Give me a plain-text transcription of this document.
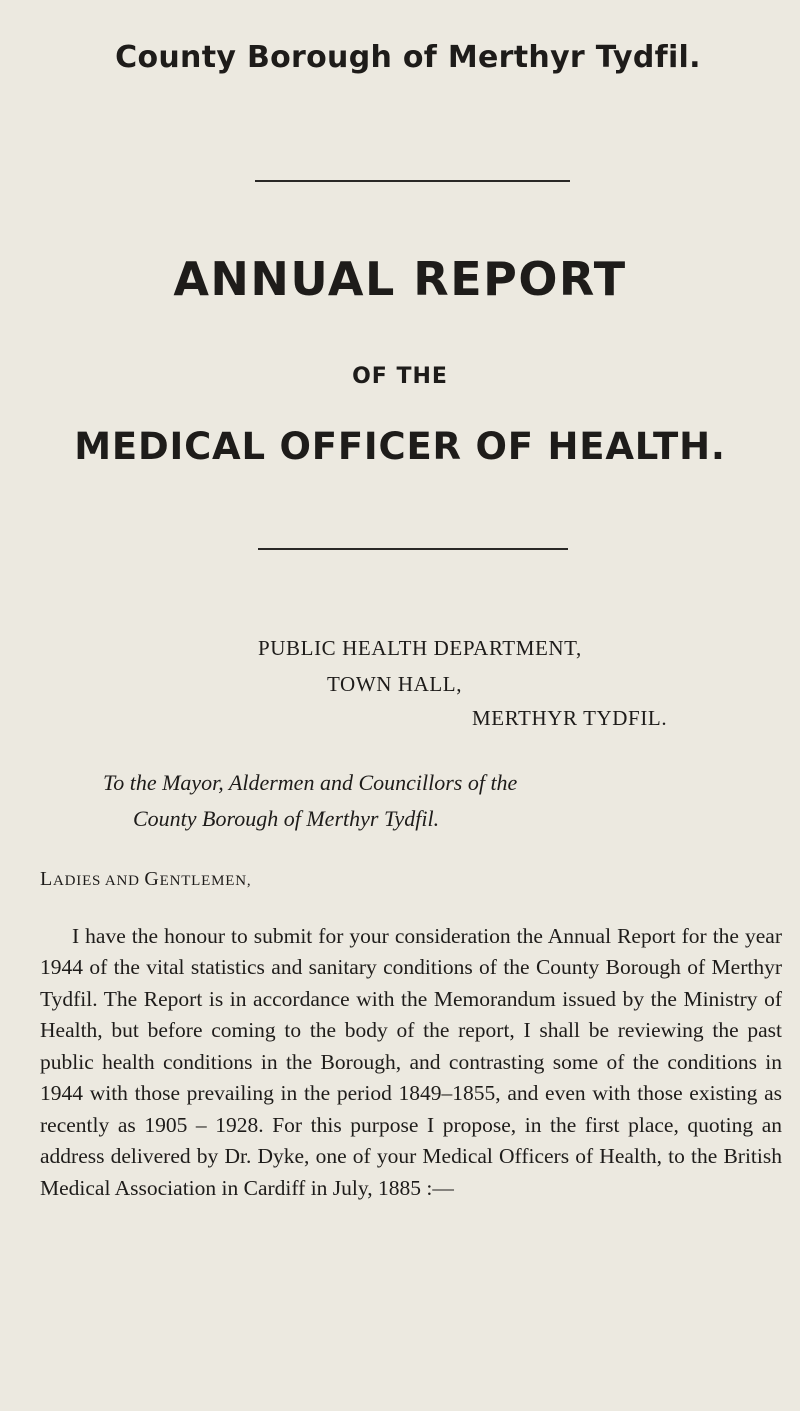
County Borough of Merthyr Tydfil.
ANNUAL REPORT
OF THE
MEDICAL OFFICER OF HEALTH.
PUBLIC HEALTH DEPARTMENT,
TOWN HALL,
MERTHYR TYDFIL.
To the Mayor, Aldermen and Councillors of the
County Borough of Merthyr Tydfil.
LADIES AND GENTLEMEN,

I have the honour to submit for your consideration the Annual Report for the year 1944 of the vital statistics and sanitary conditions of the County Borough of Merthyr Tydfil. The Report is in accordance with the Memorandum issued by the Ministry of Health, but before coming to the body of the report, I shall be reviewing the past public health conditions in the Borough, and contrasting some of the conditions in 1944 with those prevailing in the period 1849–1855, and even with those existing as recently as 1905 – 1928. For this purpose I propose, in the first place, quoting an address delivered by Dr. Dyke, one of your Medical Officers of Health, to the British Medical Association in Cardiff in July, 1885 :—
